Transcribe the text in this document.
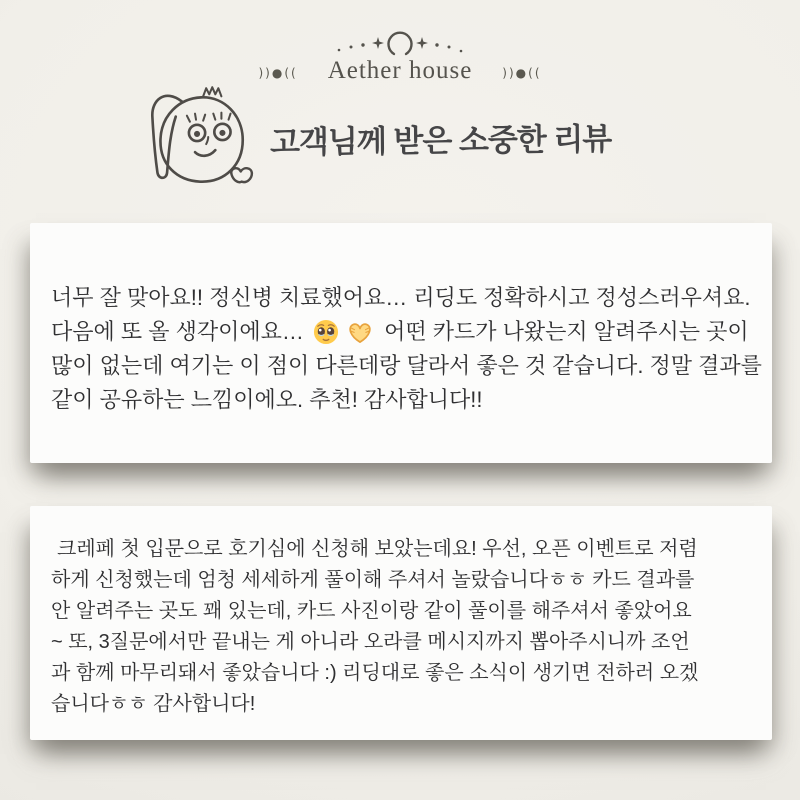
))●(( Aether house	))●((
고객님께 받은 소중한 리뷰
너무 잘 맞아요!! 정신병 치료했어요… 리딩도 정확하시고 정성스러우셔요.
다음에 또 올 생각이에요…	어떤 카드가 나왔는지 알려주시는 곳이
많이 없는데 여기는 이 점이 다른데랑 달라서 좋은 것 같습니다. 정말 결과를
같이 공유하는 느낌이에오. 추천! 감사합니다!!
크레페 첫 입문으로 호기심에 신청해 보았는데요! 우선, 오픈 이벤트로 저렴
하게 신청했는데 엄청 세세하게 풀이해 주셔서 놀랐습니다ㅎㅎ 카드 결과를
안 알려주는 곳도 꽤 있는데, 카드 사진이랑 같이 풀이를 해주셔서 좋았어요
~ 또, 3질문에서만 끝내는 게 아니라 오라클 메시지까지 뽑아주시니까 조언
과 함께 마무리돼서 좋았습니다 :) 리딩대로 좋은 소식이 생기면 전하러 오겠
습니다ㅎㅎ 감사합니다!
